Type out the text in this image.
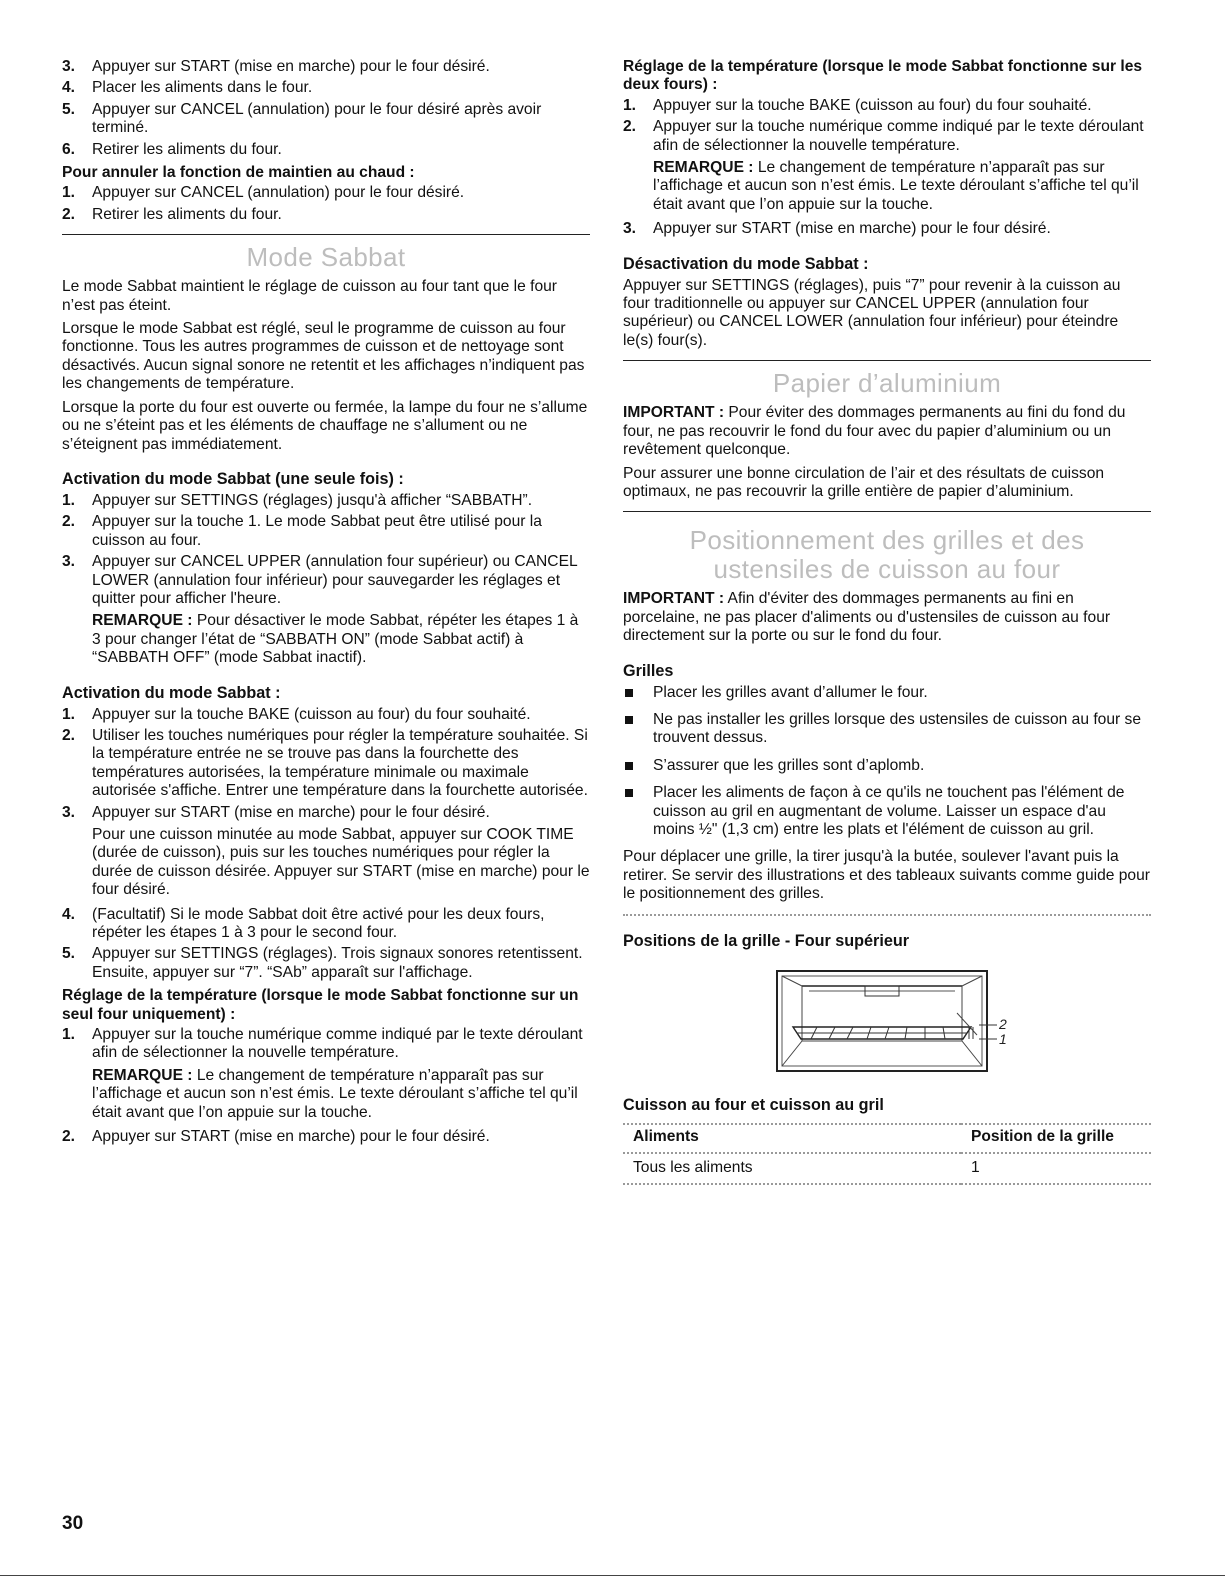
3. Appuyer sur START (mise en marche) pour le four désiré.
4. Placer les aliments dans le four.
5. Appuyer sur CANCEL (annulation) pour le four désiré après avoir terminé.
6. Retirer les aliments du four.
Pour annuler la fonction de maintien au chaud :
1. Appuyer sur CANCEL (annulation) pour le four désiré.
2. Retirer les aliments du four.
Mode Sabbat

Le mode Sabbat maintient le réglage de cuisson au four tant que le four n’est pas éteint.

Lorsque le mode Sabbat est réglé, seul le programme de cuisson au four fonctionne. Tous les autres programmes de cuisson et de nettoyage sont désactivés. Aucun signal sonore ne retentit et les affichages n’indiquent pas les changements de température.

Lorsque la porte du four est ouverte ou fermée, la lampe du four ne s’allume ou ne s’éteint pas et les éléments de chauffage ne s’allument ou ne s’éteignent pas immédiatement.

Activation du mode Sabbat (une seule fois) :
1. Appuyer sur SETTINGS (réglages) jusqu'à afficher “SABBATH”.
2. Appuyer sur la touche 1. Le mode Sabbat peut être utilisé pour la cuisson au four.
3. Appuyer sur CANCEL UPPER (annulation four supérieur) ou CANCEL LOWER (annulation four inférieur) pour sauvegarder les réglages et quitter pour afficher l'heure.
REMARQUE : Pour désactiver le mode Sabbat, répéter les étapes 1 à 3 pour changer l’état de “SABBATH ON” (mode Sabbat actif) à “SABBATH OFF” (mode Sabbat inactif).
Activation du mode Sabbat :
1. Appuyer sur la touche BAKE (cuisson au four) du four souhaité.
2. Utiliser les touches numériques pour régler la température souhaitée. Si la température entrée ne se trouve pas dans la fourchette des températures autorisées, la température minimale ou maximale autorisée s'affiche. Entrer une température dans la fourchette autorisée.
3. Appuyer sur START (mise en marche) pour le four désiré.
Pour une cuisson minutée au mode Sabbat, appuyer sur COOK TIME (durée de cuisson), puis sur les touches numériques pour régler la durée de cuisson désirée. Appuyer sur START (mise en marche) pour le four désiré.
4. (Facultatif) Si le mode Sabbat doit être activé pour les deux fours, répéter les étapes 1 à 3 pour le second four.
5. Appuyer sur SETTINGS (réglages). Trois signaux sonores retentissent. Ensuite, appuyer sur “7”. “SAb” apparaît sur l'affichage.
Réglage de la température (lorsque le mode Sabbat fonctionne sur un seul four uniquement) :
1. Appuyer sur la touche numérique comme indiqué par le texte déroulant afin de sélectionner la nouvelle température.
REMARQUE : Le changement de température n’apparaît pas sur l’affichage et aucun son n’est émis. Le texte déroulant s’affiche tel qu’il était avant que l’on appuie sur la touche.
2. Appuyer sur START (mise en marche) pour le four désiré.
Réglage de la température (lorsque le mode Sabbat fonctionne sur les deux fours) :
1. Appuyer sur la touche BAKE (cuisson au four) du four souhaité.
2. Appuyer sur la touche numérique comme indiqué par le texte déroulant afin de sélectionner la nouvelle température.
REMARQUE : Le changement de température n’apparaît pas sur l’affichage et aucun son n’est émis. Le texte déroulant s’affiche tel qu’il était avant que l’on appuie sur la touche.
3. Appuyer sur START (mise en marche) pour le four désiré.
Désactivation du mode Sabbat :

Appuyer sur SETTINGS (réglages), puis “7” pour revenir à la cuisson au four traditionnelle ou appuyer sur CANCEL UPPER (annulation four supérieur) ou CANCEL LOWER (annulation four inférieur) pour éteindre le(s) four(s).

Papier d’aluminium

IMPORTANT : Pour éviter des dommages permanents au fini du fond du four, ne pas recouvrir le fond du four avec du papier d’aluminium ou un revêtement quelconque.

Pour assurer une bonne circulation de l’air et des résultats de cuisson optimaux, ne pas recouvrir la grille entière de papier d’aluminium.

Positionnement des grilles et des
ustensiles de cuisson au four

IMPORTANT : Afin d'éviter des dommages permanents au fini en porcelaine, ne pas placer d'aliments ou d'ustensiles de cuisson au four directement sur la porte ou sur le fond du four.

Grilles
Placer les grilles avant d’allumer le four.
Ne pas installer les grilles lorsque des ustensiles de cuisson au four se trouvent dessus.
S’assurer que les grilles sont d’aplomb.
Placer les aliments de façon à ce qu'ils ne touchent pas l'élément de cuisson au gril en augmentant de volume. Laisser un espace d'au moins ½" (1,3 cm) entre les plats et l'élément de cuisson au gril.

Pour déplacer une grille, la tirer jusqu'à la butée, soulever l'avant puis la retirer. Se servir des illustrations et des tableaux suivants comme guide pour le positionnement des grilles.

Positions de la grille - Four supérieur
2
1
Cuisson au four et cuisson au gril
Aliments	Position de la grille
Tous les aliments	1
30
